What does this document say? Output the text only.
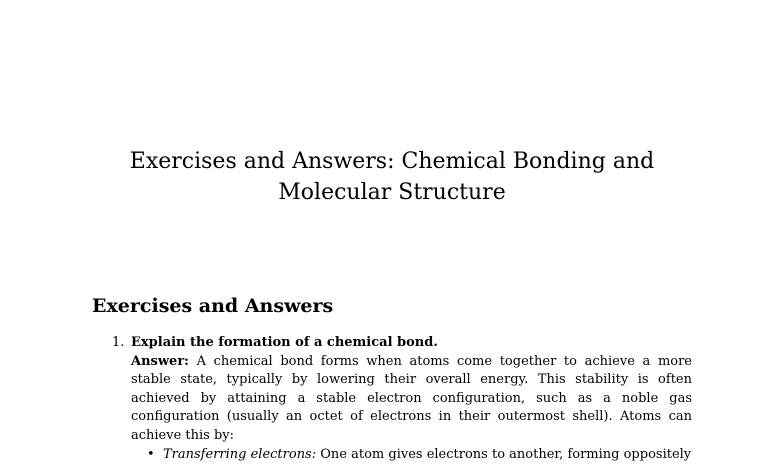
Exercises and Answers: Chemical Bonding and Molecular Structure
Exercises and Answers
1. Explain the formation of a chemical bond.

Answer: A chemical bond forms when atoms come together to achieve a more stable state, typically by lowering their overall energy. This stability is often achieved by attaining a stable electron configuration, such as a noble gas configuration (usually an octet of electrons in their outermost shell). Atoms can achieve this by:

• Transferring electrons: One atom gives electrons to another, forming oppositely
